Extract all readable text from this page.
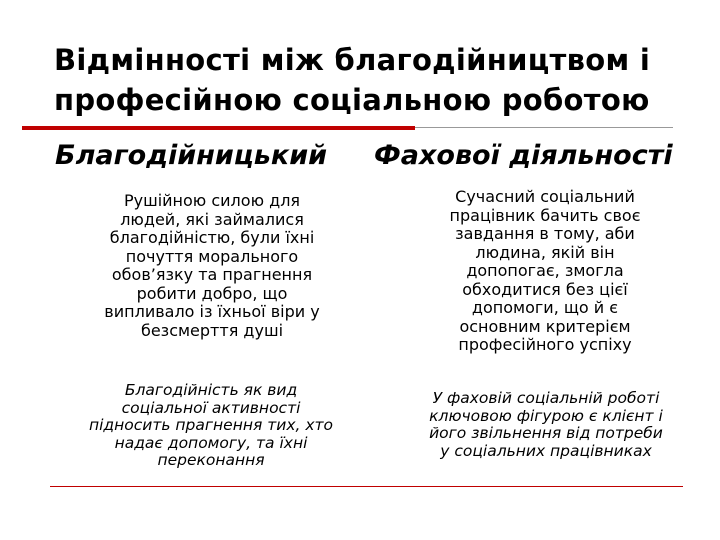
Відмінності між благодійництвом і
професійною соціальною роботою
Благодійницький Фахової діяльності
Рушійною силою для
людей, які займалися
благодійністю, були їхні
почуття морального
обов’язку та прагнення
робити добро, що
випливало із їхньої віри у
безсмерття душі
Сучасний соціальний
працівник бачить своє
завдання в тому, аби
людина, якій він
допопогає, змогла
обходитися без цієї
допомоги, що й є
основним критерієм
професійного успіху
Благодійність як вид
соціальної активності
підносить прагнення тих, хто
надає допомогу, та їхні
переконання
У фаховій соціальній роботі
ключовою фігурою є клієнт і
його звільнення від потреби
у соціальних працівниках
